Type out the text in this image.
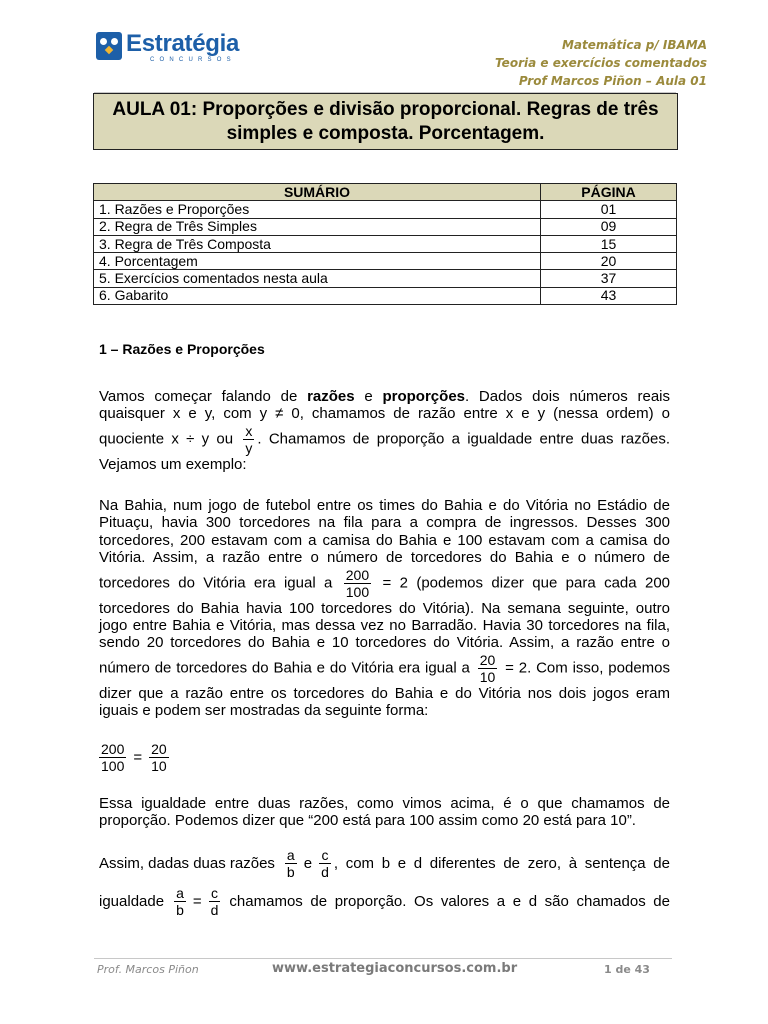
Estratégia
CONCURSOS
Matemática p/ IBAMA
Teoria e exercícios comentados
Prof Marcos Piñon – Aula 01
AULA 01: Proporções e divisão proporcional. Regras de três simples e composta. Porcentagem.
SUMÁRIO	PÁGINA
1. Razões e Proporções	01
2. Regra de Três Simples	09
3. Regra de Três Composta	15
4. Porcentagem	20
5. Exercícios comentados nesta aula	37
6. Gabarito	43
1 – Razões e Proporções
Vamos começar falando de razões e proporções. Dados dois números reais quaisquer x e y, com y ≠ 0, chamamos de razão entre x e y (nessa ordem) o quociente x ÷ y ou $\frac{x}{y}$ . Chamamos de proporção a igualdade entre duas razões. Vejamos um exemplo:
Na Bahia, num jogo de futebol entre os times do Bahia e do Vitória no Estádio de Pituaçu, havia 300 torcedores na fila para a compra de ingressos. Desses 300 torcedores, 200 estavam com a camisa do Bahia e 100 estavam com a camisa do Vitória. Assim, a razão entre o número de torcedores do Bahia e o número de torcedores do Vitória era igual a $\frac{200}{100} = 2$ (podemos dizer que para cada 200 torcedores do Bahia havia 100 torcedores do Vitória). Na semana seguinte, outro jogo entre Bahia e Vitória, mas dessa vez no Barradão. Havia 30 torcedores na fila, sendo 20 torcedores do Bahia e 10 torcedores do Vitória. Assim, a razão entre o número de torcedores do Bahia e do Vitória era igual a $\frac{20}{10} = 2$. Com isso, podemos dizer que a razão entre os torcedores do Bahia e do Vitória nos dois jogos eram iguais e podem ser mostradas da seguinte forma:
$\frac{200}{100} = \frac{20}{10}$
Essa igualdade entre duas razões, como vimos acima, é o que chamamos de proporção. Podemos dizer que “200 está para 100 assim como 20 está para 10”.
Assim, dadas duas razões $\frac{a}{b}$ e $\frac{c}{d}$ , com b e d diferentes de zero, à sentença de
igualdade $\frac{a}{b} = \frac{c}{d}$ chamamos de proporção. Os valores a e d são chamados de
Prof. Marcos Piñon	www.estrategiaconcursos.com.br	1 de 43
